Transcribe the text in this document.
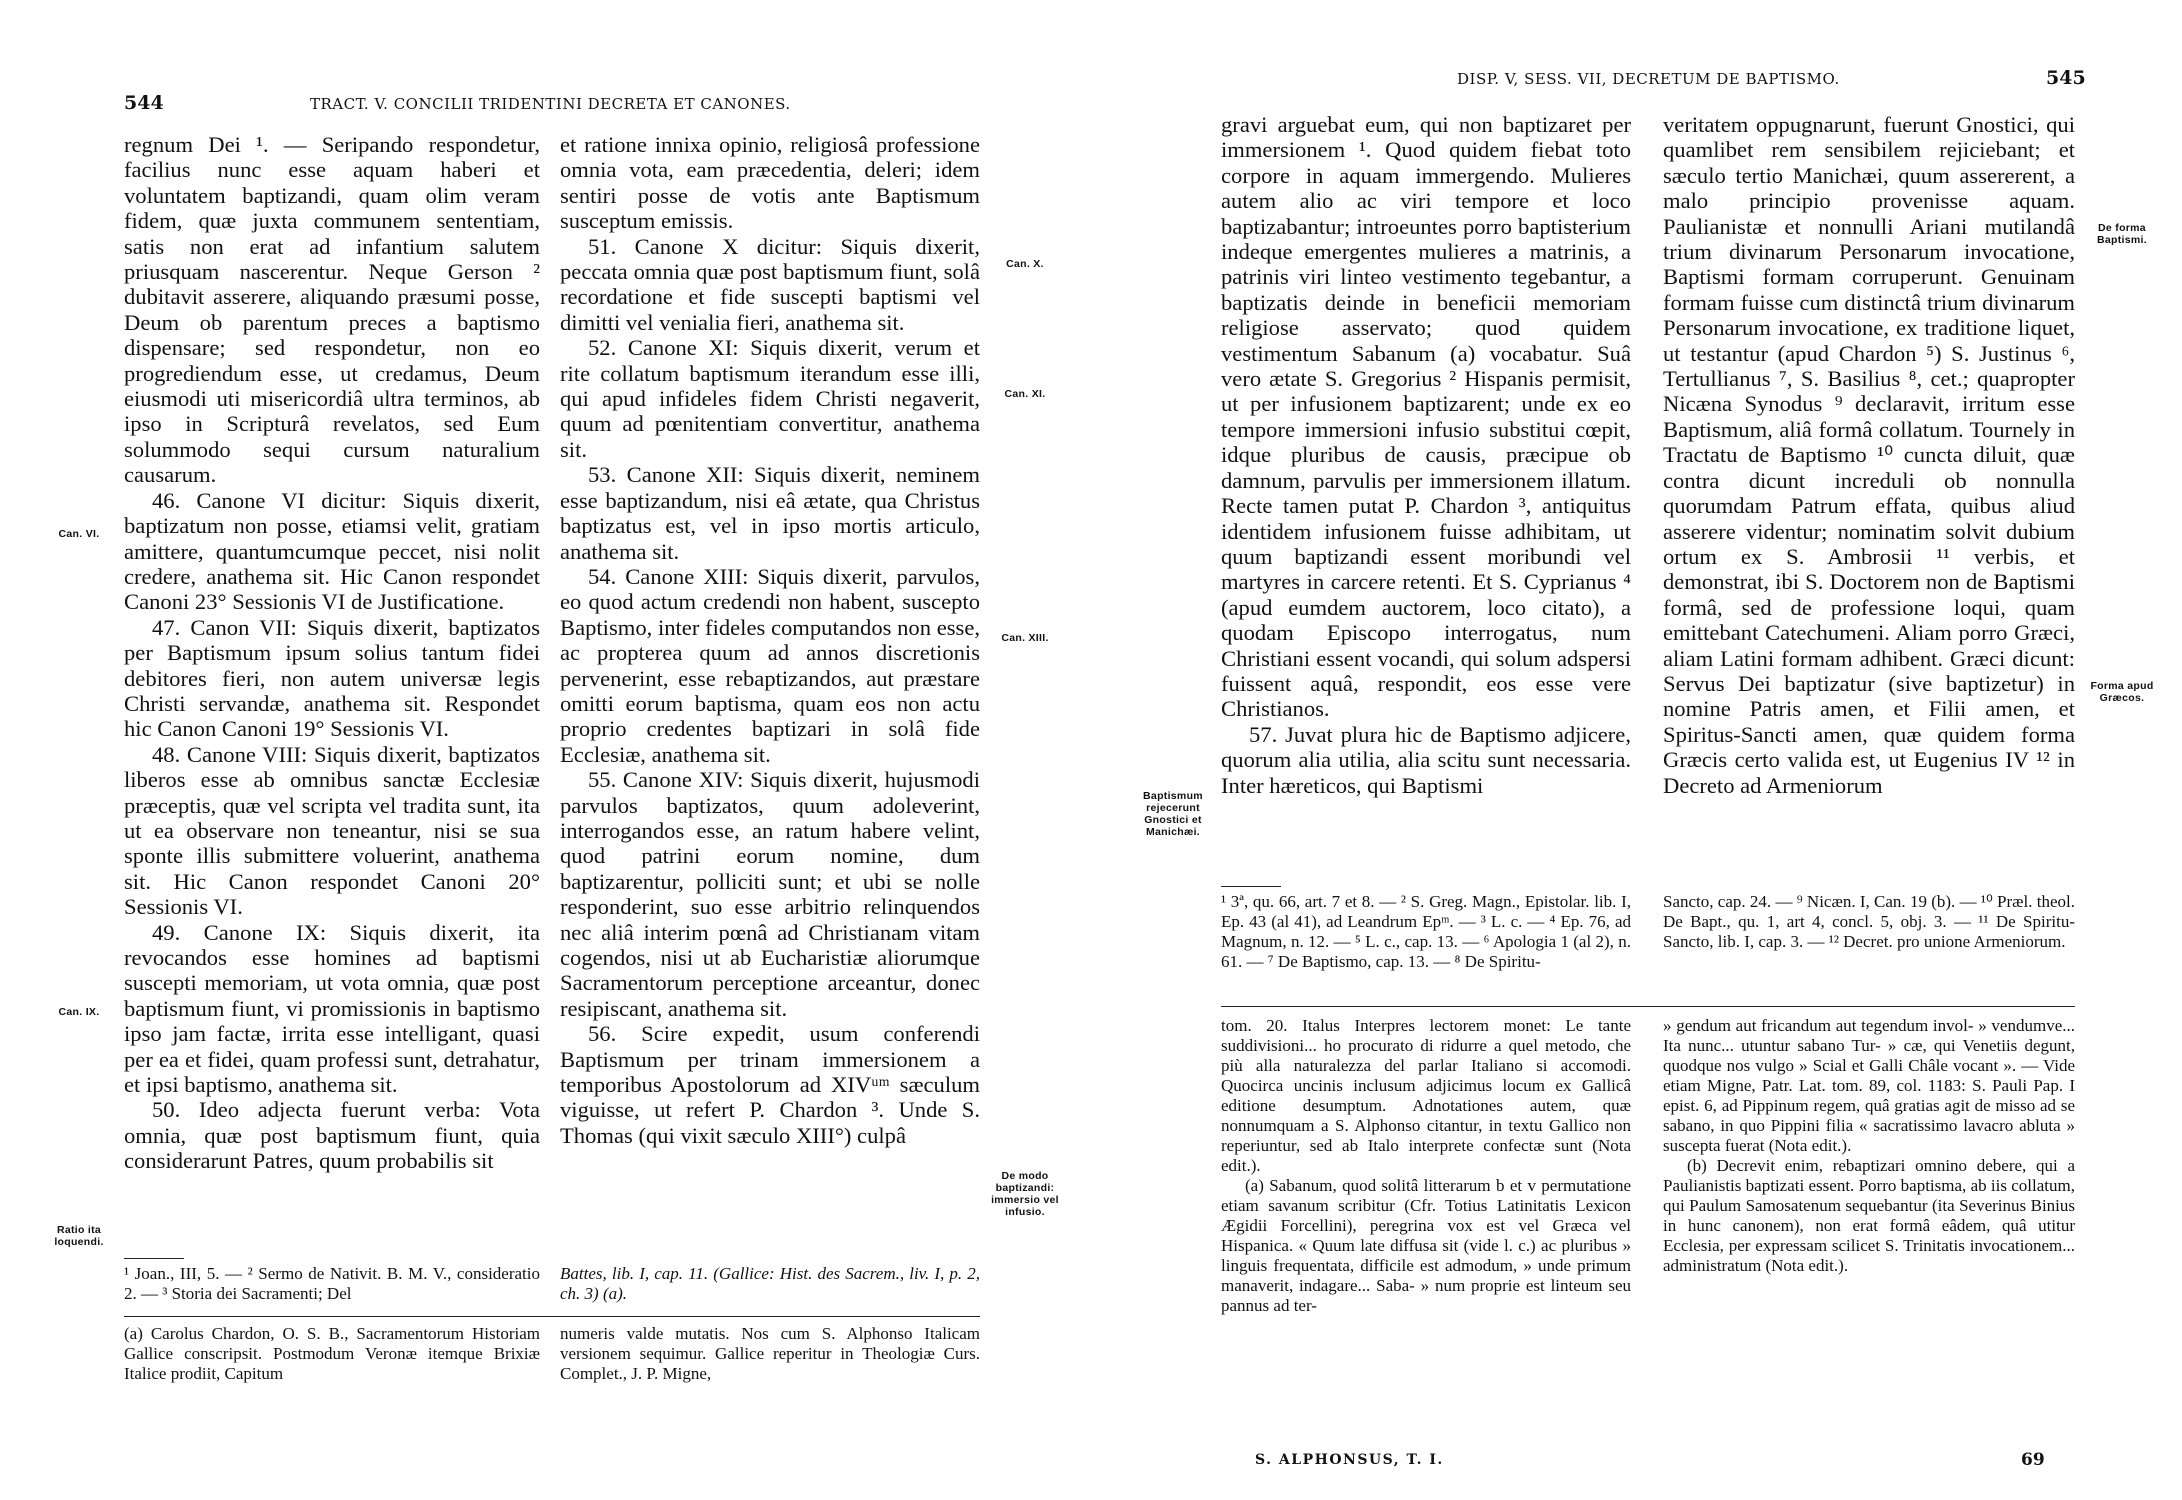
544	TRACT. V. CONCILII TRIDENTINI DECRETA ET CANONES.

regnum Dei ¹. — Seripando respondetur, facilius nunc esse aquam haberi et voluntatem baptizandi, quam olim veram fidem, quæ juxta communem sententiam, satis non erat ad infantium salutem priusquam nascerentur. Neque Gerson ² dubitavit asserere, aliquando præsumi posse, Deum ob parentum preces a baptismo dispensare; sed respondetur, non eo progrediendum esse, ut credamus, Deum eiusmodi uti misericordiâ ultra terminos, ab ipso in Scripturâ revelatos, sed Eum solummodo sequi cursum naturalium causarum.

46. Canone VI dicitur: Siquis dixerit, baptizatum non posse, etiamsi velit, gratiam amittere, quantumcumque peccet, nisi nolit credere, anathema sit. Hic Canon respondet Canoni 23° Sessionis VI de Justificatione.

47. Canon VII: Siquis dixerit, baptizatos per Baptismum ipsum solius tantum fidei debitores fieri, non autem universæ legis Christi servandæ, anathema sit. Respondet hic Canon Canoni 19° Sessionis VI.

48. Canone VIII: Siquis dixerit, baptizatos liberos esse ab omnibus sanctæ Ecclesiæ præceptis, quæ vel scripta vel tradita sunt, ita ut ea observare non teneantur, nisi se sua sponte illis submittere voluerint, anathema sit. Hic Canon respondet Canoni 20° Sessionis VI.

49. Canone IX: Siquis dixerit, ita revocandos esse homines ad baptismi suscepti memoriam, ut vota omnia, quæ post baptismum fiunt, vi promissionis in baptismo ipso jam factæ, irrita esse intelligant, quasi per ea et fidei, quam professi sunt, detrahatur, et ipsi baptismo, anathema sit.

50. Ideo adjecta fuerunt verba: Vota omnia, quæ post baptismum fiunt, quia considerarunt Patres, quum probabilis sit

¹ Joan., III, 5. — ² Sermo de Nativit. B. M. V., consideratio 2. — ³ Storia dei Sacramenti; Del

et ratione innixa opinio, religiosâ professione omnia vota, eam præcedentia, deleri; idem sentiri posse de votis ante Baptismum susceptum emissis.

51. Canone X dicitur: Siquis dixerit, peccata omnia quæ post baptismum fiunt, solâ recordatione et fide suscepti baptismi vel dimitti vel venialia fieri, anathema sit.

52. Canone XI: Siquis dixerit, verum et rite collatum baptismum iterandum esse illi, qui apud infideles fidem Christi negaverit, quum ad pœnitentiam convertitur, anathema sit.

53. Canone XII: Siquis dixerit, neminem esse baptizandum, nisi eâ ætate, qua Christus baptizatus est, vel in ipso mortis articulo, anathema sit.

54. Canone XIII: Siquis dixerit, parvulos, eo quod actum credendi non habent, suscepto Baptismo, inter fideles computandos non esse, ac propterea quum ad annos discretionis pervenerint, esse rebaptizandos, aut præstare omitti eorum baptisma, quam eos non actu proprio credentes baptizari in solâ fide Ecclesiæ, anathema sit.

55. Canone XIV: Siquis dixerit, hujusmodi parvulos baptizatos, quum adoleverint, interrogandos esse, an ratum habere velint, quod patrini eorum nomine, dum baptizarentur, polliciti sunt; et ubi se nolle responderint, suo esse arbitrio relinquendos nec aliâ interim pœnâ ad Christianam vitam cogendos, nisi ut ab Eucharistiæ aliorumque Sacramentorum perceptione arceantur, donec resipiscant, anathema sit.

56. Scire expedit, usum conferendi Baptismum per trinam immersionem a temporibus Apostolorum ad XIVᵘᵐ sæculum viguisse, ut refert P. Chardon ³. Unde S. Thomas (qui vixit sæculo XIII°) culpâ

Battes, lib. I, cap. 11. (Gallice: Hist. des Sacrem., liv. I, p. 2, ch. 3) (a).
(a) Carolus Chardon, O. S. B., Sacramentorum Historiam Gallice conscripsit. Postmodum Veronæ itemque Brixiæ Italice prodiit, Capitum
numeris valde mutatis. Nos cum S. Alphonso Italicam versionem sequimur. Gallice reperitur in Theologiæ Curs. Complet., J. P. Migne,
Can. VI.
Can. IX.
Ratio ita loquendi.
Can. X.
Can. XI.
Can. XIII.
De modo baptizandi: immersio vel infusio.
DISP. V, SESS. VII, DECRETUM DE BAPTISMO.	545

gravi arguebat eum, qui non baptizaret per immersionem ¹. Quod quidem fiebat toto corpore in aquam immergendo. Mulieres autem alio ac viri tempore et loco baptizabantur; introeuntes porro baptisterium indeque emergentes mulieres a matrinis, a patrinis viri linteo vestimento tegebantur, a baptizatis deinde in beneficii memoriam religiose asservato; quod quidem vestimentum Sabanum (a) vocabatur. Suâ vero ætate S. Gregorius ² Hispanis permisit, ut per infusionem baptizarent; unde ex eo tempore immersioni infusio substitui cœpit, idque pluribus de causis, præcipue ob damnum, parvulis per immersionem illatum. Recte tamen putat P. Chardon ³, antiquitus identidem infusionem fuisse adhibitam, ut quum baptizandi essent moribundi vel martyres in carcere retenti. Et S. Cyprianus ⁴ (apud eumdem auctorem, loco citato), a quodam Episcopo interrogatus, num Christiani essent vocandi, qui solum adspersi fuissent aquâ, respondit, eos esse vere Christianos.

57. Juvat plura hic de Baptismo adjicere, quorum alia utilia, alia scitu sunt necessaria. Inter hæreticos, qui Baptismi

¹ 3ª, qu. 66, art. 7 et 8. — ² S. Greg. Magn., Epistolar. lib. I, Ep. 43 (al 41), ad Leandrum Epᵐ. — ³ L. c. — ⁴ Ep. 76, ad Magnum, n. 12. — ⁵ L. c., cap. 13. — ⁶ Apologia 1 (al 2), n. 61. — ⁷ De Baptismo, cap. 13. — ⁸ De Spiritu-

veritatem oppugnarunt, fuerunt Gnostici, qui quamlibet rem sensibilem rejiciebant; et sæculo tertio Manichæi, quum assererent, a malo principio provenisse aquam. Paulianistæ et nonnulli Ariani mutilandâ trium divinarum Personarum invocatione, Baptismi formam corruperunt. Genuinam formam fuisse cum distinctâ trium divinarum Personarum invocatione, ex traditione liquet, ut testantur (apud Chardon ⁵) S. Justinus ⁶, Tertullianus ⁷, S. Basilius ⁸, cet.; quapropter Nicæna Synodus ⁹ declaravit, irritum esse Baptismum, aliâ formâ collatum. Tournely in Tractatu de Baptismo ¹⁰ cuncta diluit, quæ contra dicunt increduli ob nonnulla quorumdam Patrum effata, quibus aliud asserere videntur; nominatim solvit dubium ortum ex S. Ambrosii ¹¹ verbis, et demonstrat, ibi S. Doctorem non de Baptismi formâ, sed de professione loqui, quam emittebant Catechumeni. Aliam porro Græci, aliam Latini formam adhibent. Græci dicunt: Servus Dei baptizatur (sive baptizetur) in nomine Patris amen, et Filii amen, et Spiritus-Sancti amen, quæ quidem forma Græcis certo valida est, ut Eugenius IV ¹² in Decreto ad Armeniorum

Sancto, cap. 24. — ⁹ Nicæn. I, Can. 19 (b). — ¹⁰ Præl. theol. De Bapt., qu. 1, art 4, concl. 5, obj. 3. — ¹¹ De Spiritu-Sancto, lib. I, cap. 3. — ¹² Decret. pro unione Armeniorum.

tom. 20. Italus Interpres lectorem monet: Le tante suddivisioni... ho procurato di ridurre a quel metodo, che più alla naturalezza del parlar Italiano si accomodi. Quocirca uncinis inclusum adjicimus locum ex Gallicâ editione desumptum. Adnotationes autem, quæ nonnumquam a S. Alphonso citantur, in textu Gallico non reperiuntur, sed ab Italo interprete confectæ sunt (Nota edit.).

(a) Sabanum, quod solitâ litterarum b et v permutatione etiam savanum scribitur (Cfr. Totius Latinitatis Lexicon Ægidii Forcellini), peregrina vox est vel Græca vel Hispanica. « Quum late diffusa sit (vide l. c.) ac pluribus » linguis frequentata, difficile est admodum, » unde primum manaverit, indagare... Saba- » num proprie est linteum seu pannus ad ter-

» gendum aut fricandum aut tegendum invol- » vendumve... Ita nunc... utuntur sabano Tur- » cæ, qui Venetiis degunt, quodque nos vulgo » Scial et Galli Châle vocant ». — Vide etiam Migne, Patr. Lat. tom. 89, col. 1183: S. Pauli Pap. I epist. 6, ad Pippinum regem, quâ gratias agit de misso ad se sabano, in quo Pippini filia « sacratissimo lavacro abluta » suscepta fuerat (Nota edit.).

(b) Decrevit enim, rebaptizari omnino debere, qui a Paulianistis baptizati essent. Porro baptisma, ab iis collatum, qui Paulum Samosatenum sequebantur (ita Severinus Binius in hunc canonem), non erat formâ eâdem, quâ utitur Ecclesia, per expressam scilicet S. Trinitatis invocationem... administratum (Nota edit.).

Baptismum rejecerunt Gnostici et Manichæi.
De forma Baptismi.
Forma apud Græcos.
S. ALPHONSUS, T. I.	69
